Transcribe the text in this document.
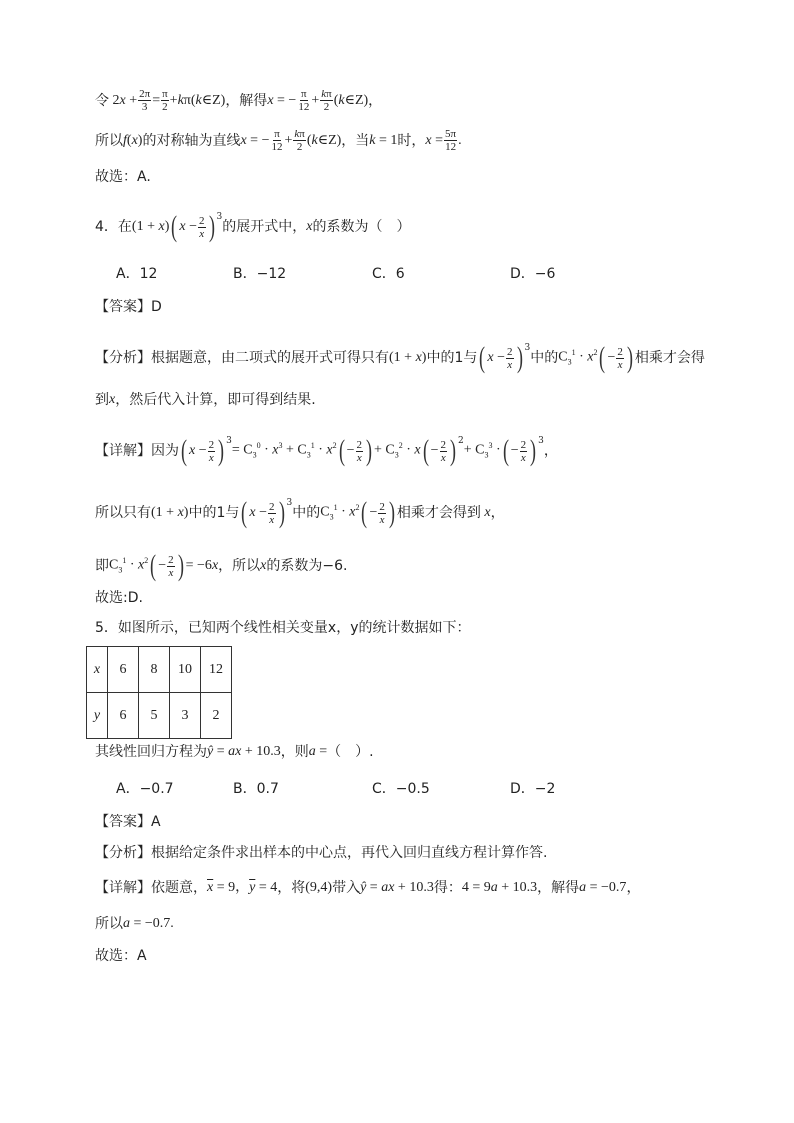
令 $2x + \frac{2\pi}{3} = \frac{\pi}{2}$ +kπ(k∈Z) ，解得 x = − $\frac{\pi}{12} + \frac{k\pi}{2}$ (k∈Z) ，
所以 f(x) 的对称轴为直线 x = − $\frac{\pi}{12} + \frac{k\pi}{2}$ (k∈Z) ，当 k = 1 时， $x = \frac{5\pi}{12}$ .
故选：A.
4．在 (1 + x) ( $x - \frac{2}{x} )^3$
的展开式中， x 的系数为（　）
A．12	B．−12	C．6	D．−6
【答案】D
【分析】根据题意，由二项式的展开式可得只有 (1 + x) 中的1与 ( $x - \frac{2}{x} )^3$
中的 $C_3^1 \cdot x^2$ ( − $\frac{2}{x}$ ) 相乘才会得
到 x ，然后代入计算，即可得到结果.
【详解】因为 ( $x - \frac{2}{x} )^3$
= $C_3^0 \cdot x^3 + C_3^1 \cdot x^2$ ( − $\frac{2}{x}$ ) + $C_3^2 \cdot x$ ( − $\frac{2}{x} )^2$
+ $C_3^3$ · ( − $\frac{2}{x} )^3$
，
所以只有 (1 + x) 中的1与 ( $x - \frac{2}{x} )^3$
中的 $C_3^1 \cdot x^2$ ( − $\frac{2}{x}$ ) 相乘才会得到 x ，
即 $C_3^1 \cdot x^2$ ( − $\frac{2}{x}$ ) = −6x ，所以 x 的系数为−6.
故选:D.
5．如图所示，已知两个线性相关变量x，y的统计数据如下：
x	6	8	10	12
y	6	5	3	2
其线性回归方程为 ŷ = ax + 10.3 ，则 a = （　）.
A．−0.7	B．0.7	C．−0.5	D．−2
【答案】A
【分析】根据给定条件求出样本的中心点，再代入回归直线方程计算作答.
【详解】依题意， $\overline{x} = 9$，$\overline{y} = 4$ ，将 (9,4) 带入 ŷ = ax + 10.3 得： 4 = 9a + 10.3 ，解得 a = −0.7 ，
所以 a = −0.7.
故选：A
